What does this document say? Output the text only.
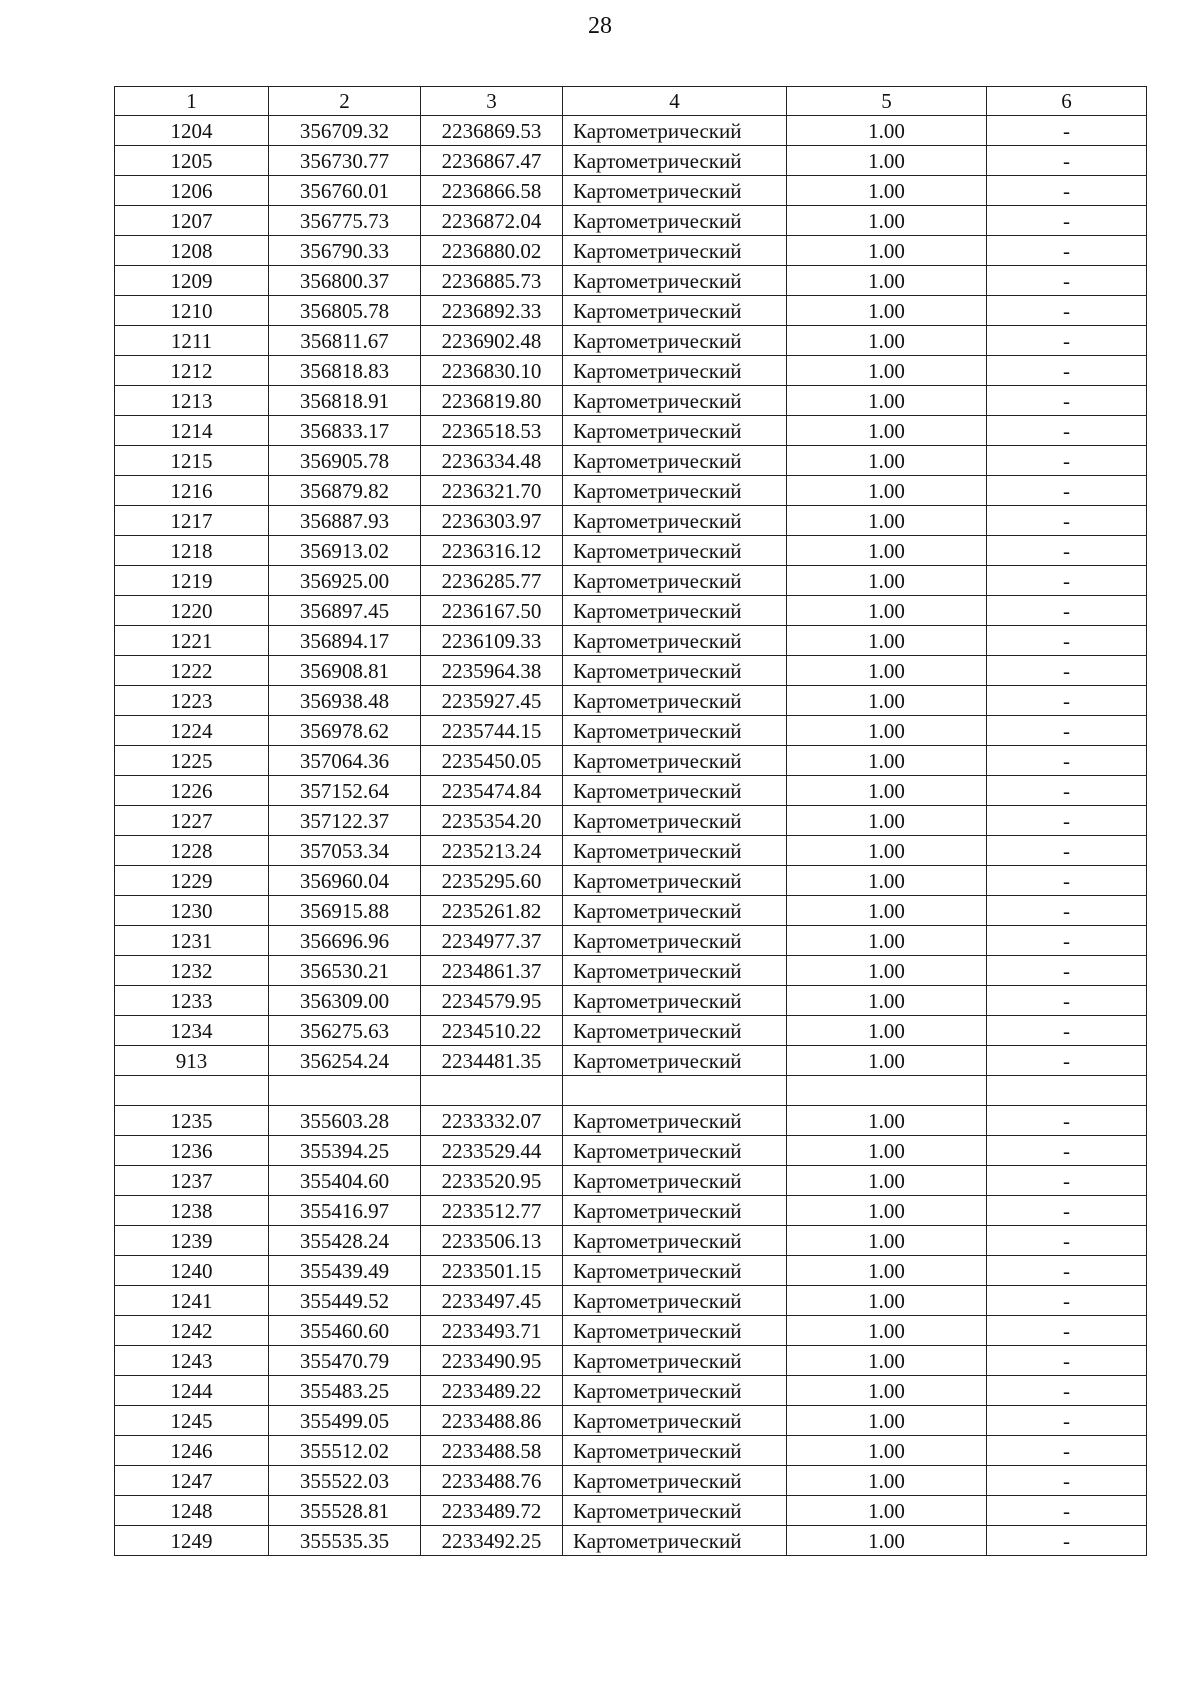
28
1	2	3	4	5	6
1204	356709.32	2236869.53	Картометрический	1.00	-
1205	356730.77	2236867.47	Картометрический	1.00	-
1206	356760.01	2236866.58	Картометрический	1.00	-
1207	356775.73	2236872.04	Картометрический	1.00	-
1208	356790.33	2236880.02	Картометрический	1.00	-
1209	356800.37	2236885.73	Картометрический	1.00	-
1210	356805.78	2236892.33	Картометрический	1.00	-
1211	356811.67	2236902.48	Картометрический	1.00	-
1212	356818.83	2236830.10	Картометрический	1.00	-
1213	356818.91	2236819.80	Картометрический	1.00	-
1214	356833.17	2236518.53	Картометрический	1.00	-
1215	356905.78	2236334.48	Картометрический	1.00	-
1216	356879.82	2236321.70	Картометрический	1.00	-
1217	356887.93	2236303.97	Картометрический	1.00	-
1218	356913.02	2236316.12	Картометрический	1.00	-
1219	356925.00	2236285.77	Картометрический	1.00	-
1220	356897.45	2236167.50	Картометрический	1.00	-
1221	356894.17	2236109.33	Картометрический	1.00	-
1222	356908.81	2235964.38	Картометрический	1.00	-
1223	356938.48	2235927.45	Картометрический	1.00	-
1224	356978.62	2235744.15	Картометрический	1.00	-
1225	357064.36	2235450.05	Картометрический	1.00	-
1226	357152.64	2235474.84	Картометрический	1.00	-
1227	357122.37	2235354.20	Картометрический	1.00	-
1228	357053.34	2235213.24	Картометрический	1.00	-
1229	356960.04	2235295.60	Картометрический	1.00	-
1230	356915.88	2235261.82	Картометрический	1.00	-
1231	356696.96	2234977.37	Картометрический	1.00	-
1232	356530.21	2234861.37	Картометрический	1.00	-
1233	356309.00	2234579.95	Картометрический	1.00	-
1234	356275.63	2234510.22	Картометрический	1.00	-
913	356254.24	2234481.35	Картометрический	1.00	-

1235	355603.28	2233332.07	Картометрический	1.00	-
1236	355394.25	2233529.44	Картометрический	1.00	-
1237	355404.60	2233520.95	Картометрический	1.00	-
1238	355416.97	2233512.77	Картометрический	1.00	-
1239	355428.24	2233506.13	Картометрический	1.00	-
1240	355439.49	2233501.15	Картометрический	1.00	-
1241	355449.52	2233497.45	Картометрический	1.00	-
1242	355460.60	2233493.71	Картометрический	1.00	-
1243	355470.79	2233490.95	Картометрический	1.00	-
1244	355483.25	2233489.22	Картометрический	1.00	-
1245	355499.05	2233488.86	Картометрический	1.00	-
1246	355512.02	2233488.58	Картометрический	1.00	-
1247	355522.03	2233488.76	Картометрический	1.00	-
1248	355528.81	2233489.72	Картометрический	1.00	-
1249	355535.35	2233492.25	Картометрический	1.00	-
